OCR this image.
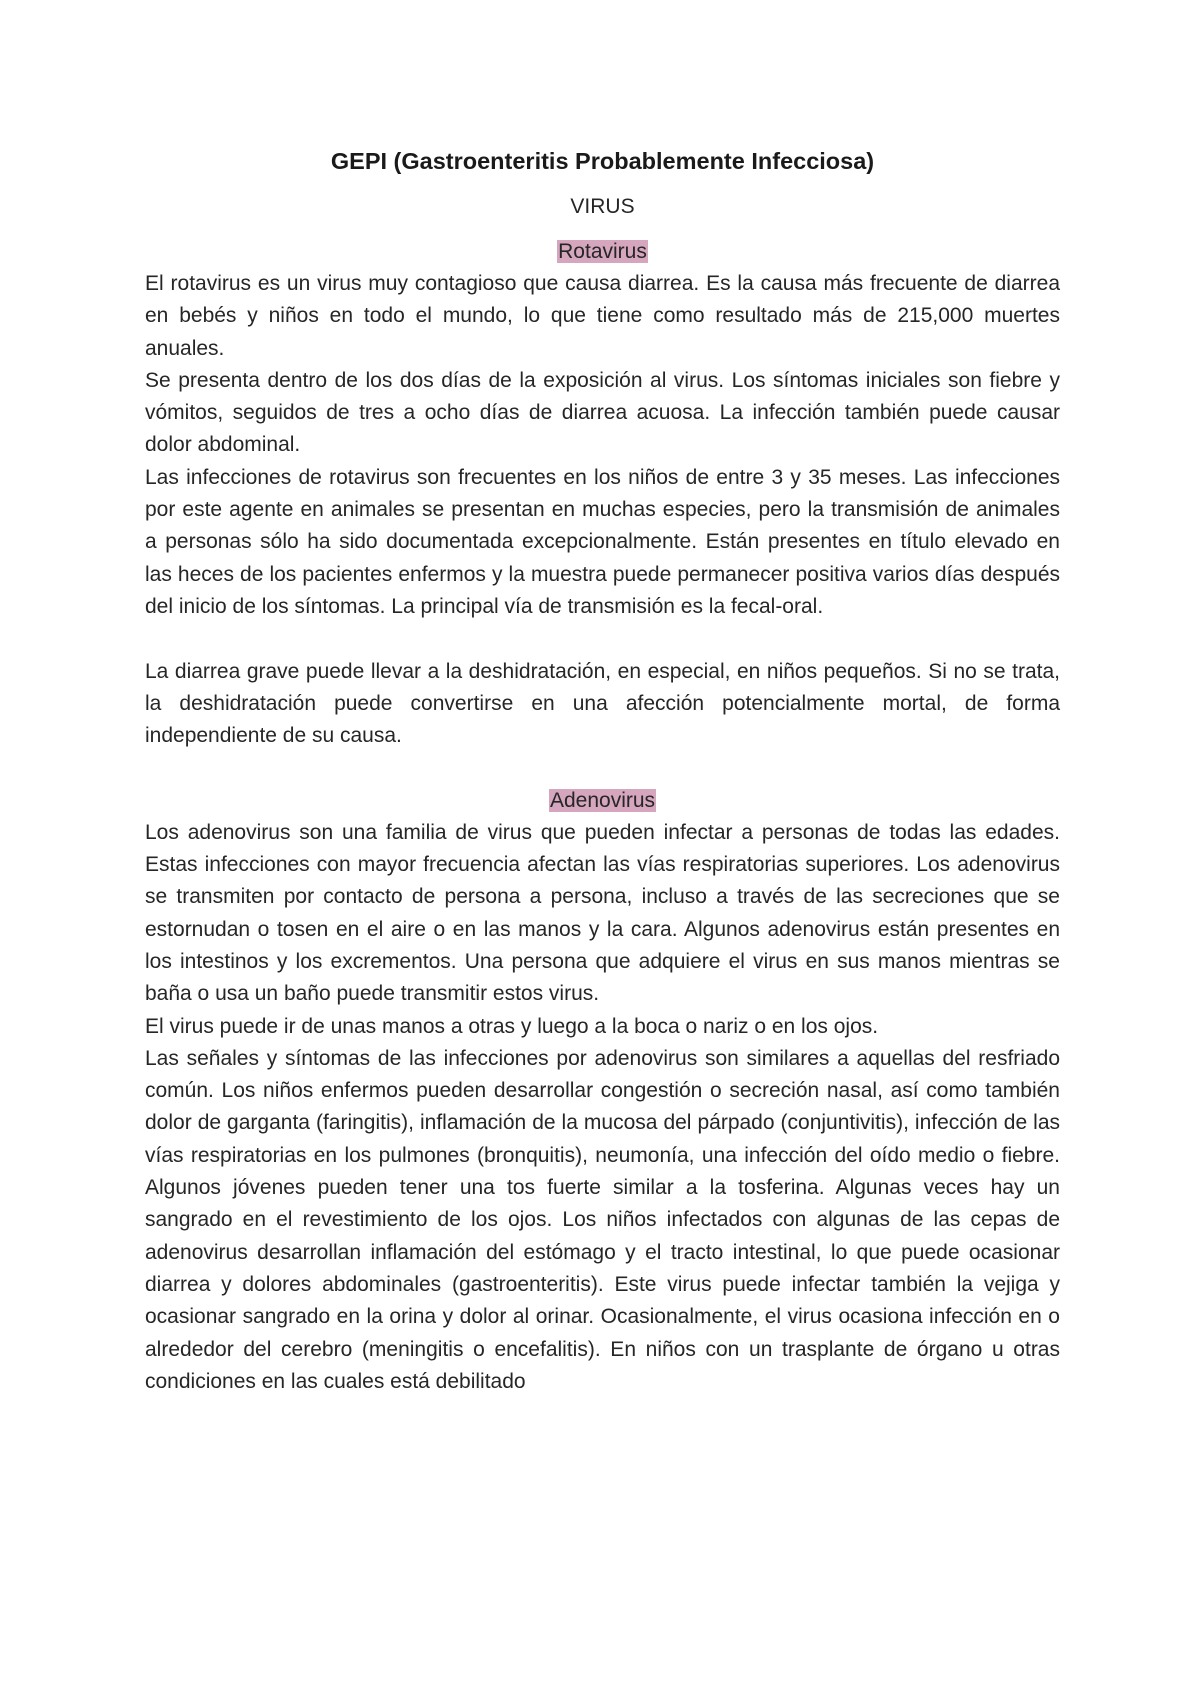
GEPI (Gastroenteritis Probablemente Infecciosa)
VIRUS
Rotavirus

El rotavirus es un virus muy contagioso que causa diarrea. Es la causa más frecuente de diarrea en bebés y niños en todo el mundo, lo que tiene como resultado más de 215,000 muertes anuales.

Se presenta dentro de los dos días de la exposición al virus. Los síntomas iniciales son fiebre y vómitos, seguidos de tres a ocho días de diarrea acuosa. La infección también puede causar dolor abdominal.

Las infecciones de rotavirus son frecuentes en los niños de entre 3 y 35 meses. Las infecciones por este agente en animales se presentan en muchas especies, pero la transmisión de animales a personas sólo ha sido documentada excepcionalmente. Están presentes en título elevado en las heces de los pacientes enfermos y la muestra puede permanecer positiva varios días después del inicio de los síntomas. La principal vía de transmisión es la fecal-oral.

La diarrea grave puede llevar a la deshidratación, en especial, en niños pequeños. Si no se trata, la deshidratación puede convertirse en una afección potencialmente mortal, de forma independiente de su causa.

Adenovirus

Los adenovirus son una familia de virus que pueden infectar a personas de todas las edades. Estas infecciones con mayor frecuencia afectan las vías respiratorias superiores. Los adenovirus se transmiten por contacto de persona a persona, incluso a través de las secreciones que se estornudan o tosen en el aire o en las manos y la cara. Algunos adenovirus están presentes en los intestinos y los excrementos. Una persona que adquiere el virus en sus manos mientras se baña o usa un baño puede transmitir estos virus.

El virus puede ir de unas manos a otras y luego a la boca o nariz o en los ojos.

Las señales y síntomas de las infecciones por adenovirus son similares a aquellas del resfriado común. Los niños enfermos pueden desarrollar congestión o secreción nasal, así como también dolor de garganta (faringitis), inflamación de la mucosa del párpado (conjuntivitis), infección de las vías respiratorias en los pulmones (bronquitis), neumonía, una infección del oído medio o fiebre. Algunos jóvenes pueden tener una tos fuerte similar a la tosferina. Algunas veces hay un sangrado en el revestimiento de los ojos. Los niños infectados con algunas de las cepas de adenovirus desarrollan inflamación del estómago y el tracto intestinal, lo que puede ocasionar diarrea y dolores abdominales (gastroenteritis). Este virus puede infectar también la vejiga y ocasionar sangrado en la orina y dolor al orinar. Ocasionalmente, el virus ocasiona infección en o alrededor del cerebro (meningitis o encefalitis). En niños con un trasplante de órgano u otras condiciones en las cuales está debilitado
